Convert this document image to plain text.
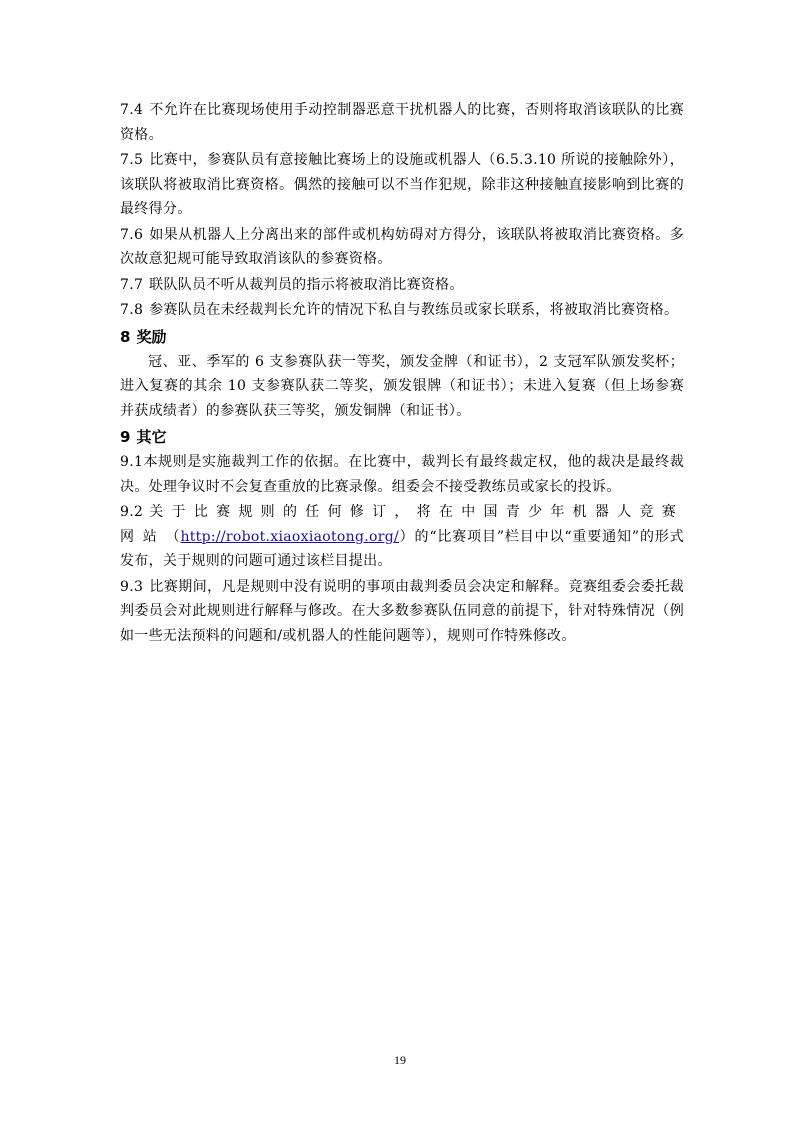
7.4 不允许在比赛现场使用手动控制器恶意干扰机器人的比赛，否则将取消该联队的比赛资格。

7.5 比赛中，参赛队员有意接触比赛场上的设施或机器人（6.5.3.10 所说的接触除外），该联队将被取消比赛资格。偶然的接触可以不当作犯规，除非这种接触直接影响到比赛的最终得分。

7.6 如果从机器人上分离出来的部件或机构妨碍对方得分，该联队将被取消比赛资格。多次故意犯规可能导致取消该队的参赛资格。

7.7 联队队员不听从裁判员的指示将被取消比赛资格。

7.8 参赛队员在未经裁判长允许的情况下私自与教练员或家长联系，将被取消比赛资格。

8 奖励

冠、亚、季军的 6 支参赛队获一等奖，颁发金牌（和证书），2 支冠军队颁发奖杯；进入复赛的其余 10 支参赛队获二等奖，颁发银牌（和证书）；未进入复赛（但上场参赛并获成绩者）的参赛队获三等奖，颁发铜牌（和证书）。

9 其它

9.1本规则是实施裁判工作的依据。在比赛中，裁判长有最终裁定权，他的裁决是最终裁决。处理争议时不会复查重放的比赛录像。组委会不接受教练员或家长的投诉。

9.2 关于比赛规则的任何修订，将在中国青少年机器人竞赛网站（http://robot.xiaoxiaotong.org/）的“比赛项目”栏目中以“重要通知”的形式发布，关于规则的问题可通过该栏目提出。

9.3 比赛期间，凡是规则中没有说明的事项由裁判委员会决定和解释。竞赛组委会委托裁判委员会对此规则进行解释与修改。在大多数参赛队伍同意的前提下，针对特殊情况（例如一些无法预料的问题和/或机器人的性能问题等），规则可作特殊修改。

19
